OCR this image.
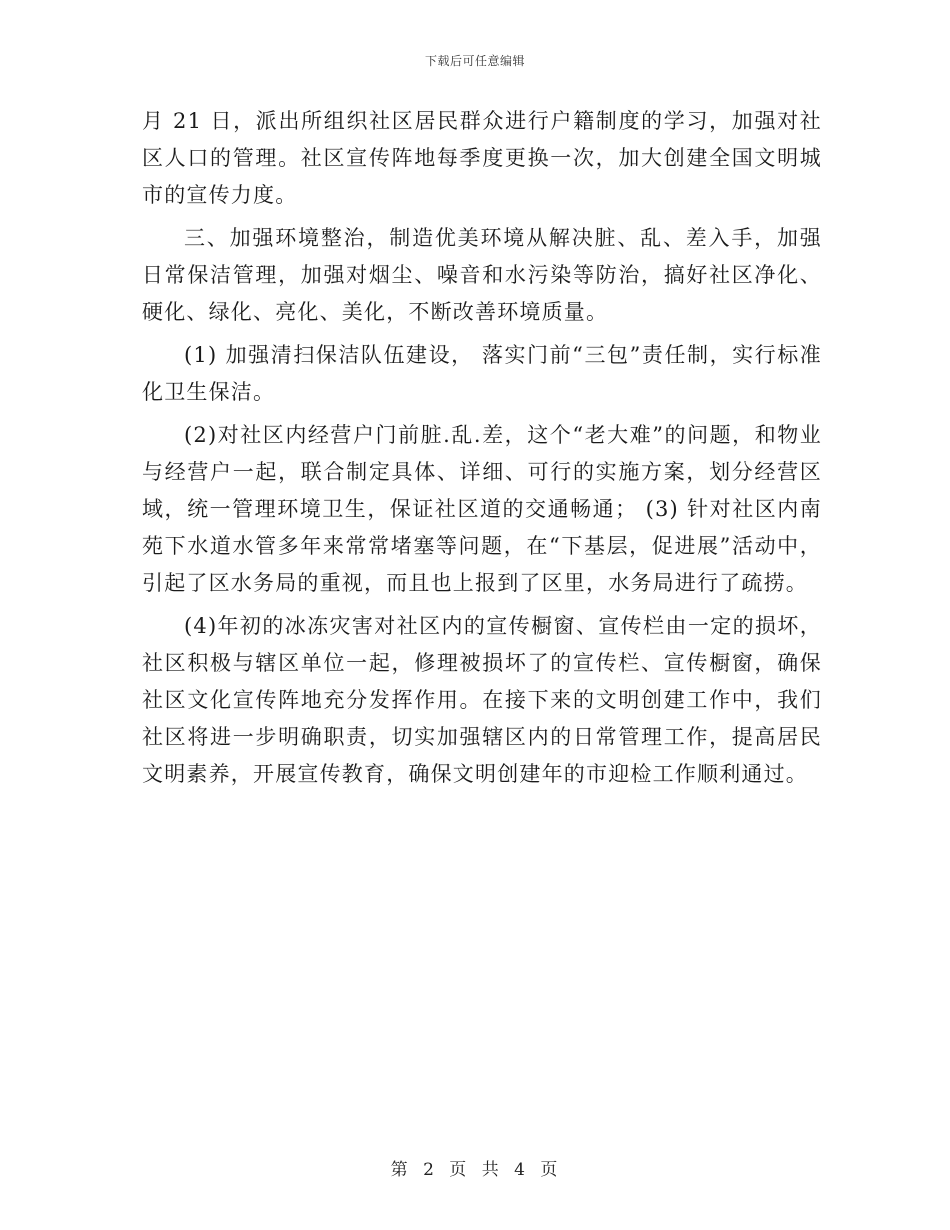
下载后可任意编辑

月 21 日，派出所组织社区居民群众进行户籍制度的学习，加强对社区人口的管理。社区宣传阵地每季度更换一次，加大创建全国文明城市的宣传力度。

三、加强环境整治，制造优美环境从解决脏、乱、差入手，加强日常保洁管理，加强对烟尘、噪音和水污染等防治，搞好社区净化、硬化、绿化、亮化、美化，不断改善环境质量。

(1) 加强清扫保洁队伍建设， 落实门前“三包”责任制，实行标准化卫生保洁。

(2)对社区内经营户门前脏.乱.差，这个“老大难”的问题，和物业与经营户一起，联合制定具体、详细、可行的实施方案，划分经营区域，统一管理环境卫生，保证社区道的交通畅通； (3) 针对社区内南苑下水道水管多年来常常堵塞等问题，在“下基层，促进展”活动中，引起了区水务局的重视，而且也上报到了区里，水务局进行了疏捞。

(4)年初的冰冻灾害对社区内的宣传橱窗、宣传栏由一定的损坏，社区积极与辖区单位一起，修理被损坏了的宣传栏、宣传橱窗，确保社区文化宣传阵地充分发挥作用。在接下来的文明创建工作中，我们社区将进一步明确职责，切实加强辖区内的日常管理工作，提高居民文明素养，开展宣传教育，确保文明创建年的市迎检工作顺利通过。

第 2 页 共 4 页
